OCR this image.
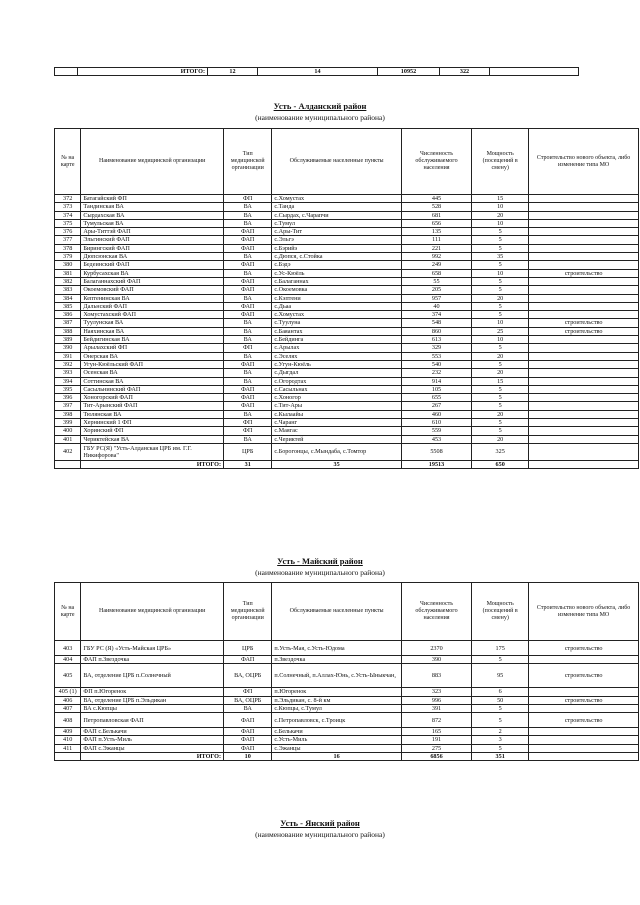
	ИТОГО:	12	14	10952	322	
Усть - Алданский район
(наименование муниципального района)
№ на карте	Наименование медицинской организации	Тип медицинской организации	Обслуживаемые населенные пункты	Численность обслуживаемого населения	Мощность (посещений в смену)	Строительство нового объекта, либо изменение типа МО
372	Батагайский ФП	ФП	с.Хомустах	445	15	
373	Тандинская ВА	ВА	с.Танда	528	10	
374	Сырдахская ВА	ВА	с.Сырдах, с.Чарапчи	681	20	
375	Тумульская ВА	ВА	с.Тумул	656	10	
376	Ары-Титтэй ФАП	ФАП	с.Ары-Тит	135	5	
377	Эльгинский ФАП	ФАП	с.Эльгэ	111	5	
378	Бирингский ФАП	ФАП	с.Бэрийэ	221	5	
379	Дюпсюнская ВА	ВА	с.Дюпся, с.Стойка	992	35	
380	Бедеинский ФАП	ФАП	с.Бэдэ	249	5	
381	Курбусахская ВА	ВА	с.Ус-Кюёль	658	10	строительство
382	Балаганнахский ФАП	ФАП	с.Балаганнах	55	5	
383	Окоемовский ФАП	ФАП	с.Окоемовка	205	5	
384	Кептенинская ВА	ВА	с.Кэптени	957	20	
385	Дальнский ФАП	ФАП	с.Дьаа	40	5	
386	Хомустахский ФАП	ФАП	с.Хомустах	374	5	
387	Туулунская ВА	ВА	с.Туулуна	548	10	строительство
388	Наяхинская ВА	ВА	с.Баяантах	860	25	строительство
389	Бейдигинская ВА	ВА	с.Бейдинга	613	10	
390	Арылахский ФП	ФП	с.Арылах	329	5	
391	Онерская ВА	ВА	с.Эселях	553	20	
392	Угун-Кюёльский ФАП	ФАП	с.Угун-Кюёль	540	5	
393	Осенская ВА	ВА	с.Дыгдал	232	20	
394	Соттинская ВА	ВА	с.Огородтах	914	15	
395	Сасыльнинский ФАП	ФАП	с.Сасыльнах	105	5	
396	Хоногорский ФАП	ФАП	с.Хоногор	655	5	
397	Тит-Арынский ФАП	ФАП	с.Тит-Ары	267	5	
398	Тюлянская ВА	ВА	с.Кылаайы	460	20	
399	Хернинский 1 ФП	ФП	с.Чаранг	610	5	
400	Хоринский ФП	ФП	с.Маягас	559	5	
401	Чериктейская ВА	ВА	с.Чериктей	453	20	
402	ГБУ РС(Я) "Усть-Алданская ЦРБ им. Г.Г. Никифорова"	ЦРБ	с.Борогонцы, с.Мындаба, с.Томтор	5508	325	
	ИТОГО:	31	35	19513	650	
Усть - Майский район
(наименование муниципального района)
№ на карте	Наименование медицинской организации	Тип медицинской организации	Обслуживаемые населенные пункты	Численность обслуживаемого населения	Мощность (посещений в смену)	Строительство нового объекта, либо изменение типа МО
403	ГБУ РС (Я) «Усть-Майская ЦРБ»	ЦРБ	п.Усть-Мая, с.Усть-Юдома	2370	175	строительство
404	ФАП п.Звездочка	ФАП	п.Звездочка	390	5	
405	ВА, отделение ЦРБ п.Солнечный	ВА, ОЦРБ	п.Солнечный, п.Аллах-Юнь, с.Усть-Ыныкчан,	883	95	строительство
405 (1)	ФП п.Югоренок	ФП	п.Югоренок	323	6	
406	ВА, отделение ЦРБ п.Эльдикан	ВА, ОЦРБ	п.Эльдикан, с. 8-й км	996	50	строительство
407	ВА с.Кюпцы	ВА	с.Кюпцы, с.Тумул	391	5	
408	Петропавловская ФАП	ФАП	с.Петропавловск, с.Троицк	872	5	строительство
409	ФАП с.Белькачи	ФАП	с.Белькачи	165	2	
410	ФАП п.Усть-Миль	ФАП	с.Усть-Миль	191	3	
411	ФАП с.Эжанцы	ФАП	с.Эжанцы	275	5	
	ИТОГО:	10	16	6856	351	
Усть - Янский район
(наименование муниципального района)
